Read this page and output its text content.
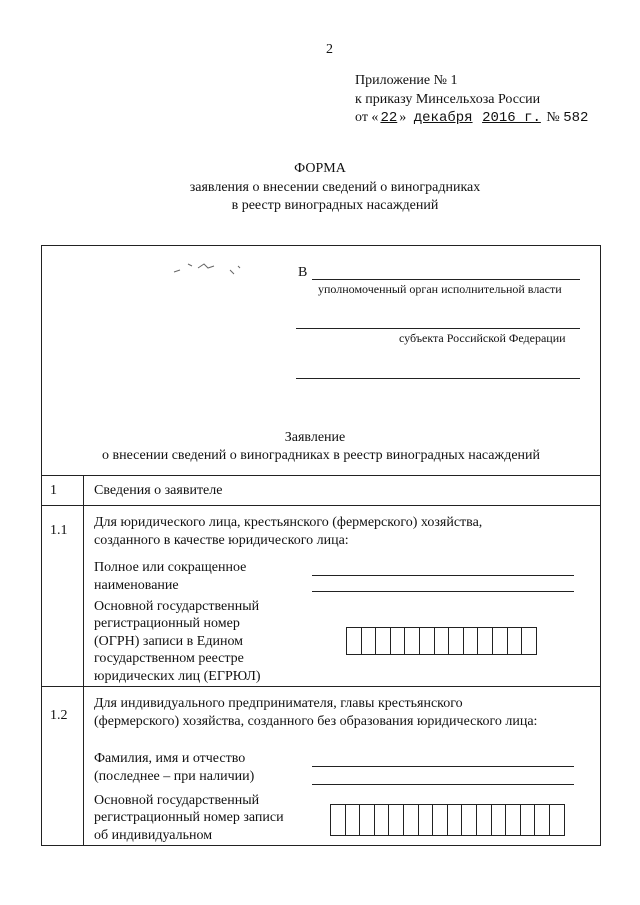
2
Приложение № 1
к приказу Минсельхоза России
от « 22 » декабря 2016 г. № 582
ФОРМА
заявления о внесении сведений о виноградниках
в реестр виноградных насаждений
В
уполномоченный орган исполнительной власти
субъекта Российской Федерации
Заявление
о внесении сведений о виноградниках в реестр виноградных насаждений
1	Сведения о заявителе
1.1
Для юридического лица, крестьянского (фермерского) хозяйства, созданного в качестве юридического лица:
Полное или сокращенное
наименование
Основной государственный
регистрационный номер
(ОГРН) записи в Едином
государственном реестре
юридических лиц (ЕГРЮЛ)
1.2
Для индивидуального предпринимателя, главы крестьянского
(фермерского) хозяйства, созданного без образования юридического лица:
Фамилия, имя и отчество
(последнее – при наличии)
Основной государственный
регистрационный номер записи
об индивидуальном
